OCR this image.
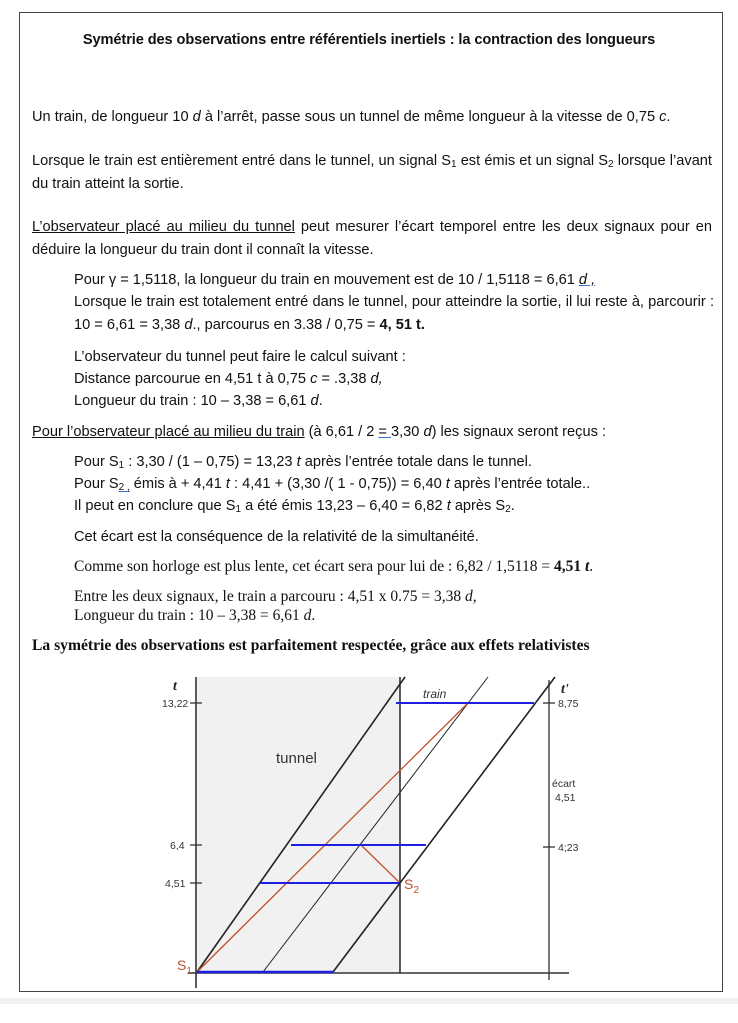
Symétrie des observations entre référentiels inertiels : la contraction des longueurs
Un train, de longueur 10 d à l’arrêt, passe sous un tunnel de même longueur à la vitesse de 0,75 c.
Lorsque le train est entièrement entré dans le tunnel, un signal $S_1$ est émis et un signal $S_2$ lorsque l’avant du train atteint la sortie.
L’observateur placé au milieu du tunnel peut mesurer l’écart temporel entre les deux signaux pour en déduire la longueur du train dont il connaît la vitesse.
Pour γ = 1,5118, la longueur du train en mouvement est de 10 / 1,5118 = 6,61 d ,
Lorsque le train est totalement entré dans le tunnel, pour atteindre la sortie, il lui reste à, parcourir : 10 = 6,61 = 3,38 d., parcourus en 3.38 / 0,75 = 4, 51 t.
L’observateur du tunnel peut faire le calcul suivant :
Distance parcourue en 4,51 t à 0,75 c = .3,38 d,
Longueur du train : 10 – 3,38 = 6,61 d.
Pour l’observateur placé au milieu du train (à 6,61 / 2 = 3,30 d) les signaux seront reçus :
Pour $S_1$ : 3,30 / (1 – 0,75) = 13,23 t après l’entrée totale dans le tunnel.
Pour $S_{2 ,}$ émis à + 4,41 t : 4,41 + (3,30 /( 1 - 0,75)) = 6,40 t après l’entrée totale..
Il peut en conclure que $S_1$ a été émis 13,23 – 6,40 = 6,82 t après $S_2$.
Cet écart est la conséquence de la relativité de la simultanéité.
Comme son horloge est plus lente, cet écart sera pour lui de : 6,82 / 1,5118 = 4,51 t.
Entre les deux signaux, le train a parcouru : 4,51 x 0.75 = 3,38 d,
Longueur du train : 10 – 3,38 = 6,61 d.
La symétrie des observations est parfaitement respectée, grâce aux effets relativistes
t
13,22
6,4
4,51
t'
8,75
4;23
écart
4,51
tunnel
train
$S_1$
$S_2$
